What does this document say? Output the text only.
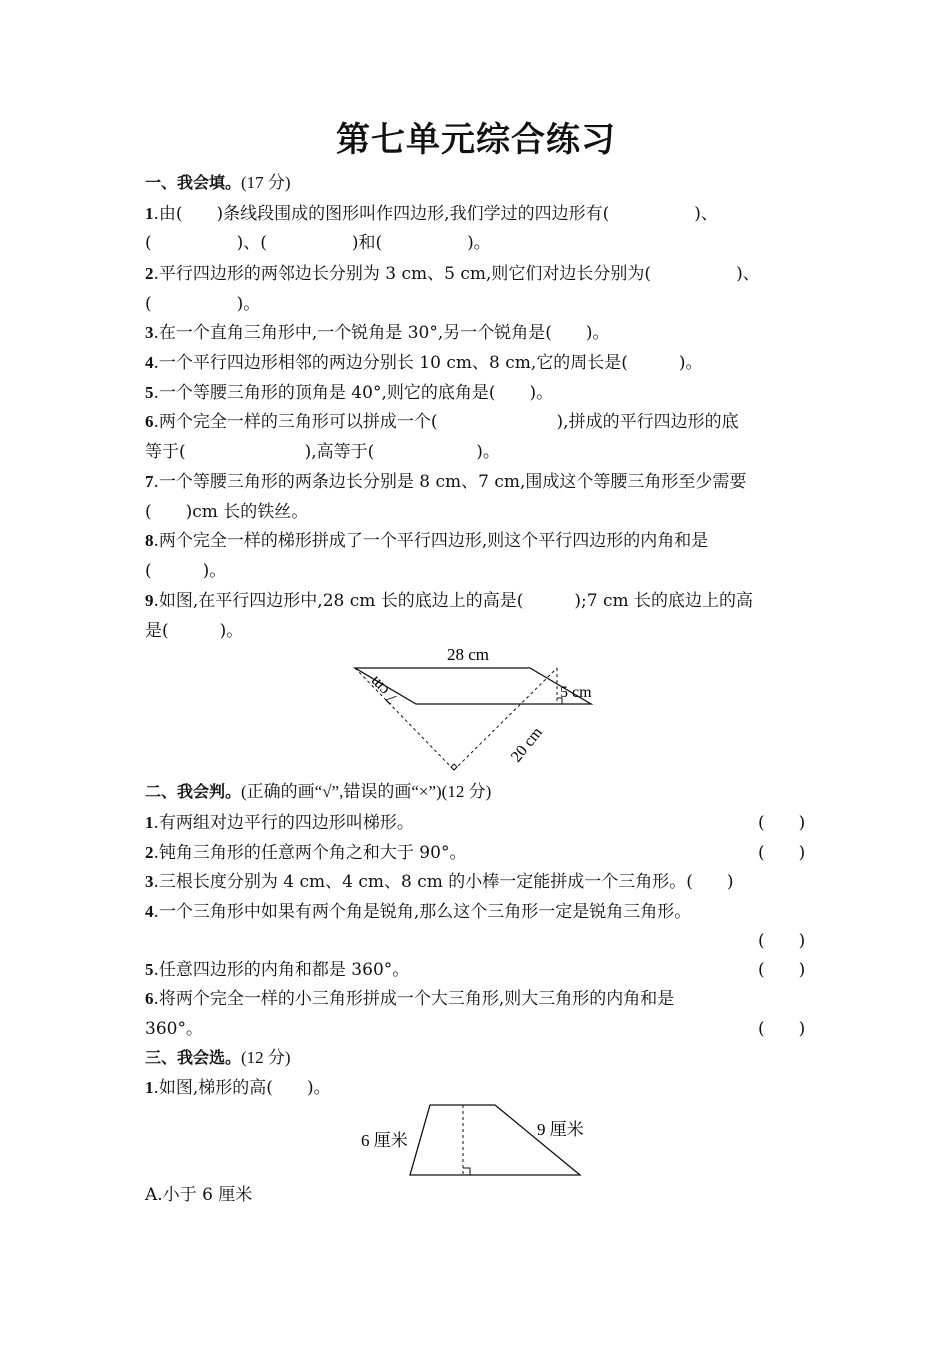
第七单元综合练习
一、我会填。(17 分)
1.由(　　)条线段围成的图形叫作四边形,我们学过的四边形有(　　　　　)、
(　　　　　)、(　　　　　)和(　　　　　)。
2.平行四边形的两邻边长分别为 3 cm、5 cm,则它们对边长分别为(　　　　　)、
(　　　　　)。
3.在一个直角三角形中,一个锐角是 30°,另一个锐角是(　　)。
4.一个平行四边形相邻的两边分别长 10 cm、8 cm,它的周长是(　　　)。
5.一个等腰三角形的顶角是 40°,则它的底角是(　　)。
6.两个完全一样的三角形可以拼成一个(　　　　　　　),拼成的平行四边形的底
等于(　　　　　　　),高等于(　　　　　　)。
7.一个等腰三角形的两条边长分别是 8 cm、7 cm,围成这个等腰三角形至少需要
(　　)cm 长的铁丝。
8.两个完全一样的梯形拼成了一个平行四边形,则这个平行四边形的内角和是
(　　　)。
9.如图,在平行四边形中,28 cm 长的底边上的高是(　　　);7 cm 长的底边上的高
是(　　　)。
28 cm
7 cm	5 cm
20 cm
二、我会判。(正确的画“√”,错误的画“×”)(12 分)
1.有两组对边平行的四边形叫梯形。	(　　)
2.钝角三角形的任意两个角之和大于 90°。	(　　)
3.三根长度分别为 4 cm、4 cm、8 cm 的小棒一定能拼成一个三角形。(　　)
4.一个三角形中如果有两个角是锐角,那么这个三角形一定是锐角三角形。
(　　)
5.任意四边形的内角和都是 360°。	(　　)
6.将两个完全一样的小三角形拼成一个大三角形,则大三角形的内角和是
360°。	(　　)
三、我会选。(12 分)
1.如图,梯形的高(　　)。
6 厘米
9 厘米
A.小于 6 厘米
